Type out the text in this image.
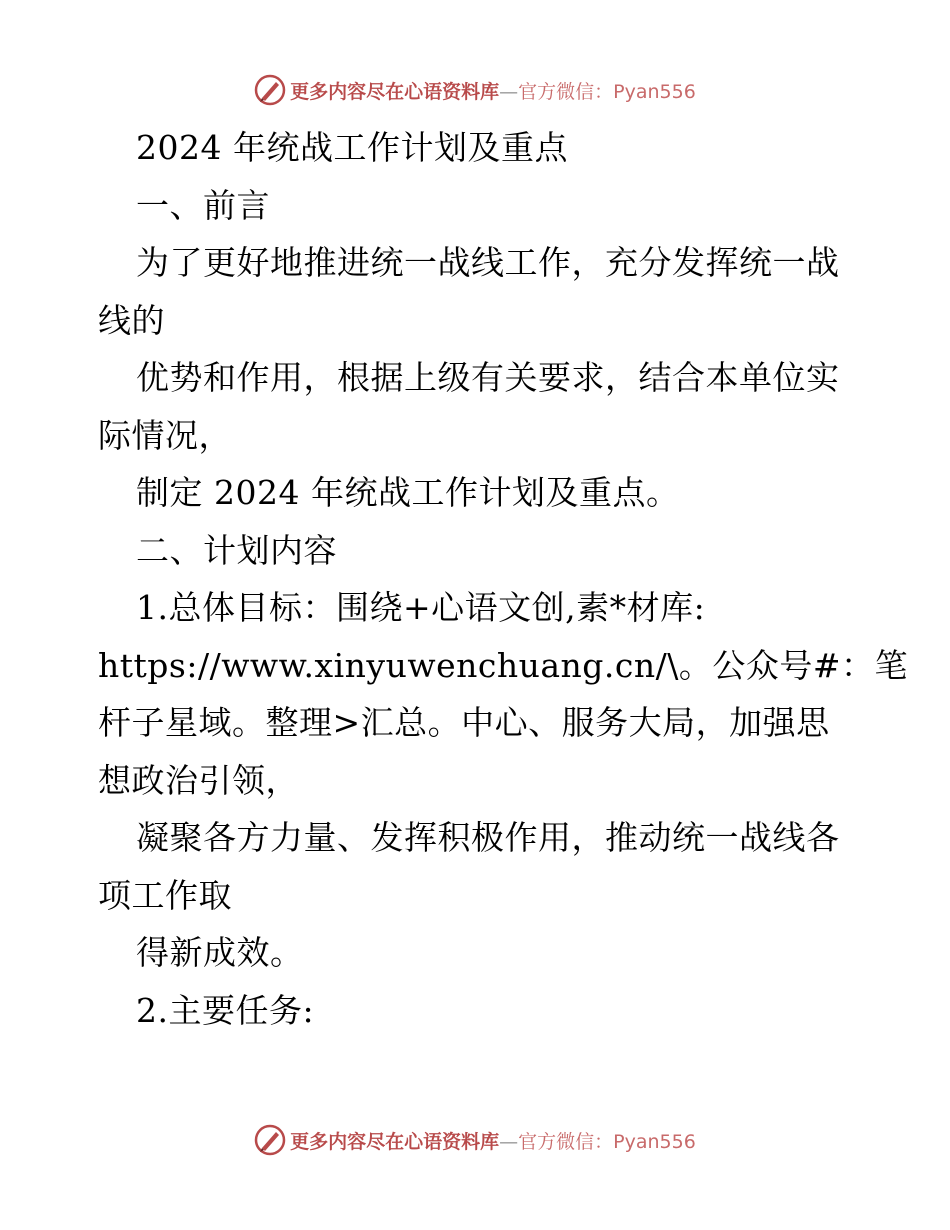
更多内容尽在心语资料库—官方微信：Pyan556
2024 年统战工作计划及重点
一、前言
为了更好地推进统一战线工作，充分发挥统一战
线的
优势和作用，根据上级有关要求，结合本单位实
际情况，
制定 2024 年统战工作计划及重点。
二、计划内容
1.总体目标：围绕+心语文创,素*材库:
https://www.xinyuwenchuang.cn/\。公众号#：笔
杆子星域。整理>汇总。中心、服务大局，加强思
想政治引领，
凝聚各方力量、发挥积极作用，推动统一战线各
项工作取
得新成效。
2.主要任务:
更多内容尽在心语资料库—官方微信：Pyan556
